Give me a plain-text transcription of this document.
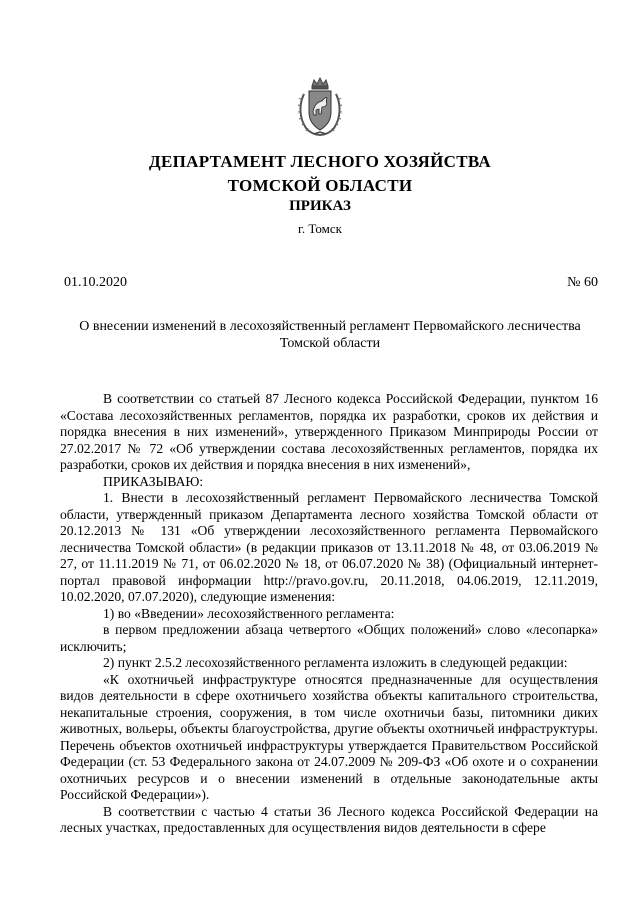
ДЕПАРТАМЕНТ ЛЕСНОГО ХОЗЯЙСТВА
ТОМСКОЙ ОБЛАСТИ
ПРИКАЗ
г. Томск
01.10.2020	№ 60
О внесении изменений в лесохозяйственный регламент Первомайского лесничества
Томской области

В соответствии со статьей 87 Лесного кодекса Российской Федерации, пунктом 16 «Состава лесохозяйственных регламентов, порядка их разработки, сроков их действия и порядка внесения в них изменений», утвержденного Приказом Минприроды России от 27.02.2017 № 72 «Об утверждении состава лесохозяйственных регламентов, порядка их разработки, сроков их действия и порядка внесения в них изменений»,

ПРИКАЗЫВАЮ:

1. Внести в лесохозяйственный регламент Первомайского лесничества Томской области, утвержденный приказом Департамента лесного хозяйства Томской области от 20.12.2013 № 131 «Об утверждении лесохозяйственного регламента Первомайского лесничества Томской области» (в редакции приказов от 13.11.2018 № 48, от 03.06.2019 № 27, от 11.11.2019 № 71, от 06.02.2020 № 18, от 06.07.2020 № 38) (Официальный интернет-портал правовой информации http://pravo.gov.ru, 20.11.2018, 04.06.2019, 12.11.2019, 10.02.2020, 07.07.2020), следующие изменения:

1) во «Введении» лесохозяйственного регламента:

в первом предложении абзаца четвертого «Общих положений» слово «лесопарка» исключить;

2) пункт 2.5.2 лесохозяйственного регламента изложить в следующей редакции:

«К охотничьей инфраструктуре относятся предназначенные для осуществления видов деятельности в сфере охотничьего хозяйства объекты капитального строительства, некапитальные строения, сооружения, в том числе охотничьи базы, питомники диких животных, вольеры, объекты благоустройства, другие объекты охотничьей инфраструктуры. Перечень объектов охотничьей инфраструктуры утверждается Правительством Российской Федерации (ст. 53 Федерального закона от 24.07.2009 № 209-ФЗ «Об охоте и о сохранении охотничьих ресурсов и о внесении изменений в отдельные законодательные акты Российской Федерации»).

В соответствии с частью 4 статьи 36 Лесного кодекса Российской Федерации на лесных участках, предоставленных для осуществления видов деятельности в сфере
